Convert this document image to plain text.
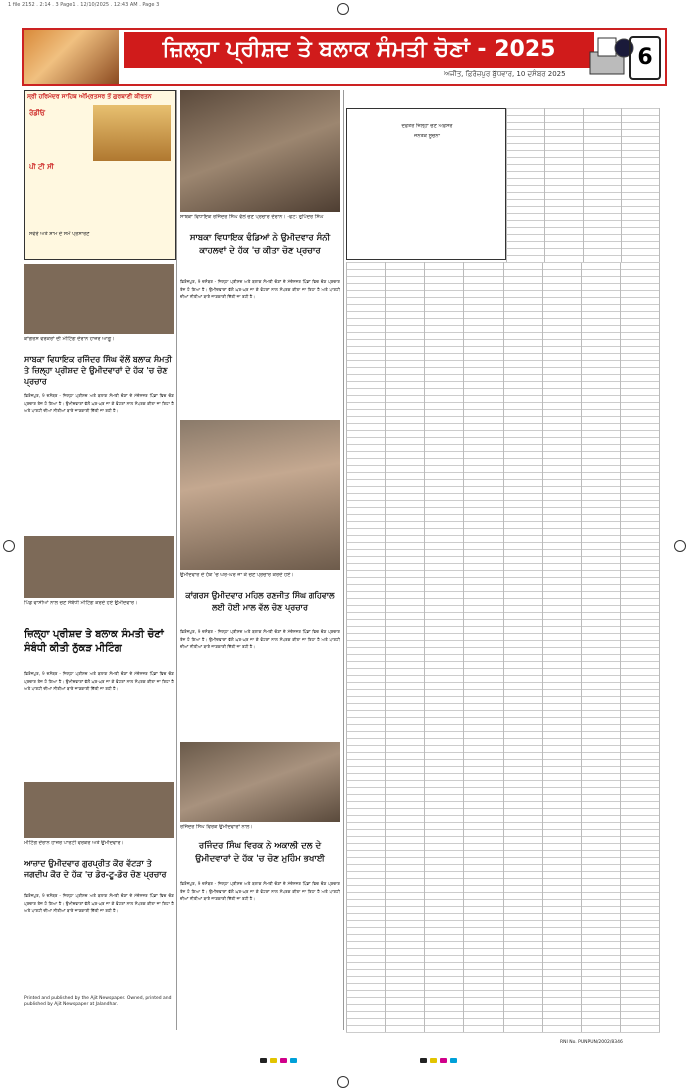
1 file 2152 . 2:14 . 3 Page1 . 12/10/2025 . 12:43 AM . Page 3
ਜ਼ਿਲ੍ਹਾ ਪ੍ਰੀਸ਼ਦ ਤੇ ਬਲਾਕ ਸੰਮਤੀ ਚੋਣਾਂ - 2025
ਅਜੀਤ, ਫ਼ਿਰੋਜ਼ਪੁਰ ਬੁੱਧਵਾਰ, 10 ਦਸੰਬਰ 2025
6
ਸ੍ਰੀ ਹਰਿਮੰਦਰ ਸਾਹਿਬ ਅੰਮ੍ਰਿਤਸਰ ਤੋਂ ਗੁਰਬਾਣੀ ਕੀਰਤਨ
ਰੇਡੀਓ
ਪੀ ਟੀ ਸੀ
ਸਵੇਰੇ ਅਤੇ ਸ਼ਾਮ ਦੇ ਸਮੇਂ ਪ੍ਰਸਾਰਣ
ਕਾਂਗਰਸ ਵਰਕਰਾਂ ਦੀ ਮੀਟਿੰਗ ਦੌਰਾਨ ਹਾਜ਼ਰ ਆਗੂ।
ਸਾਬਕਾ ਵਿਧਾਇਕ ਰਜਿੰਦਰ ਸਿੰਘ ਵੱਲੋਂ ਬਲਾਕ ਸੰਮਤੀ ਤੇ ਜ਼ਿਲ੍ਹਾ ਪ੍ਰੀਸ਼ਦ ਦੇ ਉਮੀਦਵਾਰਾਂ ਦੇ ਹੱਕ 'ਚ ਚੋਣ ਪ੍ਰਚਾਰ
ਫ਼ਿਰੋਜ਼ਪੁਰ, 9 ਦਸੰਬਰ - ਜ਼ਿਲ੍ਹਾ ਪ੍ਰੀਸ਼ਦ ਅਤੇ ਬਲਾਕ ਸੰਮਤੀ ਚੋਣਾਂ ਦੇ ਮੱਦੇਨਜ਼ਰ ਪਿੰਡਾਂ ਵਿਚ ਚੋਣ ਪ੍ਰਚਾਰ ਤੇਜ਼ ਹੋ ਗਿਆ ਹੈ। ਉਮੀਦਵਾਰਾਂ ਵੱਲੋਂ ਘਰ-ਘਰ ਜਾ ਕੇ ਵੋਟਰਾਂ ਨਾਲ ਸੰਪਰਕ ਕੀਤਾ ਜਾ ਰਿਹਾ ਹੈ ਅਤੇ ਪਾਰਟੀ ਦੀਆਂ ਨੀਤੀਆਂ ਬਾਰੇ ਜਾਣਕਾਰੀ ਦਿੱਤੀ ਜਾ ਰਹੀ ਹੈ।
ਪਿੰਡ ਵਾਸੀਆਂ ਨਾਲ ਚੋਣ ਸੰਬੰਧੀ ਮੀਟਿੰਗ ਕਰਦੇ ਹੋਏ ਉਮੀਦਵਾਰ।
ਜ਼ਿਲ੍ਹਾ ਪ੍ਰੀਸ਼ਦ ਤੇ ਬਲਾਕ ਸੰਮਤੀ ਚੋਣਾਂ ਸੰਬੰਧੀ ਕੀਤੀ ਨੁੱਕੜ ਮੀਟਿੰਗ
ਫ਼ਿਰੋਜ਼ਪੁਰ, 9 ਦਸੰਬਰ - ਜ਼ਿਲ੍ਹਾ ਪ੍ਰੀਸ਼ਦ ਅਤੇ ਬਲਾਕ ਸੰਮਤੀ ਚੋਣਾਂ ਦੇ ਮੱਦੇਨਜ਼ਰ ਪਿੰਡਾਂ ਵਿਚ ਚੋਣ ਪ੍ਰਚਾਰ ਤੇਜ਼ ਹੋ ਗਿਆ ਹੈ। ਉਮੀਦਵਾਰਾਂ ਵੱਲੋਂ ਘਰ-ਘਰ ਜਾ ਕੇ ਵੋਟਰਾਂ ਨਾਲ ਸੰਪਰਕ ਕੀਤਾ ਜਾ ਰਿਹਾ ਹੈ ਅਤੇ ਪਾਰਟੀ ਦੀਆਂ ਨੀਤੀਆਂ ਬਾਰੇ ਜਾਣਕਾਰੀ ਦਿੱਤੀ ਜਾ ਰਹੀ ਹੈ।
ਮੀਟਿੰਗ ਦੌਰਾਨ ਹਾਜ਼ਰ ਪਾਰਟੀ ਵਰਕਰ ਅਤੇ ਉਮੀਦਵਾਰ।
ਆਜ਼ਾਦ ਉਮੀਦਵਾਰ ਗੁਰਪ੍ਰੀਤ ਕੌਰ ਵੱਟੜਾ ਤੇ ਜਗਦੀਪ ਕੌਰ ਦੇ ਹੱਕ 'ਚ ਡੋਰ-ਟੂ-ਡੋਰ ਚੋਣ ਪ੍ਰਚਾਰ
ਫ਼ਿਰੋਜ਼ਪੁਰ, 9 ਦਸੰਬਰ - ਜ਼ਿਲ੍ਹਾ ਪ੍ਰੀਸ਼ਦ ਅਤੇ ਬਲਾਕ ਸੰਮਤੀ ਚੋਣਾਂ ਦੇ ਮੱਦੇਨਜ਼ਰ ਪਿੰਡਾਂ ਵਿਚ ਚੋਣ ਪ੍ਰਚਾਰ ਤੇਜ਼ ਹੋ ਗਿਆ ਹੈ। ਉਮੀਦਵਾਰਾਂ ਵੱਲੋਂ ਘਰ-ਘਰ ਜਾ ਕੇ ਵੋਟਰਾਂ ਨਾਲ ਸੰਪਰਕ ਕੀਤਾ ਜਾ ਰਿਹਾ ਹੈ ਅਤੇ ਪਾਰਟੀ ਦੀਆਂ ਨੀਤੀਆਂ ਬਾਰੇ ਜਾਣਕਾਰੀ ਦਿੱਤੀ ਜਾ ਰਹੀ ਹੈ।
Printed and published by the Ajit Newspaper. Owned, printed and published by Ajit Newspaper at Jalandhar.
ਸਾਬਕਾ ਵਿਧਾਇਕ ਰਜਿੰਦਰ ਸਿੰਘ ਵੱਲੋਂ ਚੋਣ ਪ੍ਰਚਾਰ ਦੌਰਾਨ। -ਫੋਟੋ: ਰੁਪਿੰਦਰ ਸਿੰਘ
ਸਾਬਕਾ ਵਿਧਾਇਕ ਢੰਡਿਆਂ ਨੇ ਉਮੀਦਵਾਰ ਸੰਨੀ ਕਾਹਲਵਾਂ ਦੇ ਹੱਕ 'ਚ ਕੀਤਾ ਚੋਣ ਪ੍ਰਚਾਰ
ਫ਼ਿਰੋਜ਼ਪੁਰ, 9 ਦਸੰਬਰ - ਜ਼ਿਲ੍ਹਾ ਪ੍ਰੀਸ਼ਦ ਅਤੇ ਬਲਾਕ ਸੰਮਤੀ ਚੋਣਾਂ ਦੇ ਮੱਦੇਨਜ਼ਰ ਪਿੰਡਾਂ ਵਿਚ ਚੋਣ ਪ੍ਰਚਾਰ ਤੇਜ਼ ਹੋ ਗਿਆ ਹੈ। ਉਮੀਦਵਾਰਾਂ ਵੱਲੋਂ ਘਰ-ਘਰ ਜਾ ਕੇ ਵੋਟਰਾਂ ਨਾਲ ਸੰਪਰਕ ਕੀਤਾ ਜਾ ਰਿਹਾ ਹੈ ਅਤੇ ਪਾਰਟੀ ਦੀਆਂ ਨੀਤੀਆਂ ਬਾਰੇ ਜਾਣਕਾਰੀ ਦਿੱਤੀ ਜਾ ਰਹੀ ਹੈ।
ਉਮੀਦਵਾਰ ਦੇ ਹੱਕ 'ਚ ਘਰ-ਘਰ ਜਾ ਕੇ ਚੋਣ ਪ੍ਰਚਾਰ ਕਰਦੇ ਹੋਏ।
ਕਾਂਗਰਸ ਉਮੀਦਵਾਰ ਮਹਿਲ ਰਣਜੀਤ ਸਿੰਘ ਗਹਿਵਾਲ ਲਈ ਹੋਈ ਮਾਲ ਵੱਲ ਚੋਣ ਪ੍ਰਚਾਰ
ਫ਼ਿਰੋਜ਼ਪੁਰ, 9 ਦਸੰਬਰ - ਜ਼ਿਲ੍ਹਾ ਪ੍ਰੀਸ਼ਦ ਅਤੇ ਬਲਾਕ ਸੰਮਤੀ ਚੋਣਾਂ ਦੇ ਮੱਦੇਨਜ਼ਰ ਪਿੰਡਾਂ ਵਿਚ ਚੋਣ ਪ੍ਰਚਾਰ ਤੇਜ਼ ਹੋ ਗਿਆ ਹੈ। ਉਮੀਦਵਾਰਾਂ ਵੱਲੋਂ ਘਰ-ਘਰ ਜਾ ਕੇ ਵੋਟਰਾਂ ਨਾਲ ਸੰਪਰਕ ਕੀਤਾ ਜਾ ਰਿਹਾ ਹੈ ਅਤੇ ਪਾਰਟੀ ਦੀਆਂ ਨੀਤੀਆਂ ਬਾਰੇ ਜਾਣਕਾਰੀ ਦਿੱਤੀ ਜਾ ਰਹੀ ਹੈ।
ਰਜਿੰਦਰ ਸਿੰਘ ਵਿਰਕ ਉਮੀਦਵਾਰਾਂ ਨਾਲ।
ਰਜਿੰਦਰ ਸਿੰਘ ਵਿਰਕ ਨੇ ਅਕਾਲੀ ਦਲ ਦੇ ਉਮੀਦਵਾਰਾਂ ਦੇ ਹੱਕ 'ਚ ਚੋਣ ਮੁਹਿੰਮ ਭਖਾਈ
ਫ਼ਿਰੋਜ਼ਪੁਰ, 9 ਦਸੰਬਰ - ਜ਼ਿਲ੍ਹਾ ਪ੍ਰੀਸ਼ਦ ਅਤੇ ਬਲਾਕ ਸੰਮਤੀ ਚੋਣਾਂ ਦੇ ਮੱਦੇਨਜ਼ਰ ਪਿੰਡਾਂ ਵਿਚ ਚੋਣ ਪ੍ਰਚਾਰ ਤੇਜ਼ ਹੋ ਗਿਆ ਹੈ। ਉਮੀਦਵਾਰਾਂ ਵੱਲੋਂ ਘਰ-ਘਰ ਜਾ ਕੇ ਵੋਟਰਾਂ ਨਾਲ ਸੰਪਰਕ ਕੀਤਾ ਜਾ ਰਿਹਾ ਹੈ ਅਤੇ ਪਾਰਟੀ ਦੀਆਂ ਨੀਤੀਆਂ ਬਾਰੇ ਜਾਣਕਾਰੀ ਦਿੱਤੀ ਜਾ ਰਹੀ ਹੈ।
ਦਫ਼ਤਰ ਜ਼ਿਲ੍ਹਾ ਚੋਣ ਅਫ਼ਸਰ
ਜਨਤਕ ਸੂਚਨਾ
RNI No. PUNPUN/2002/8346
